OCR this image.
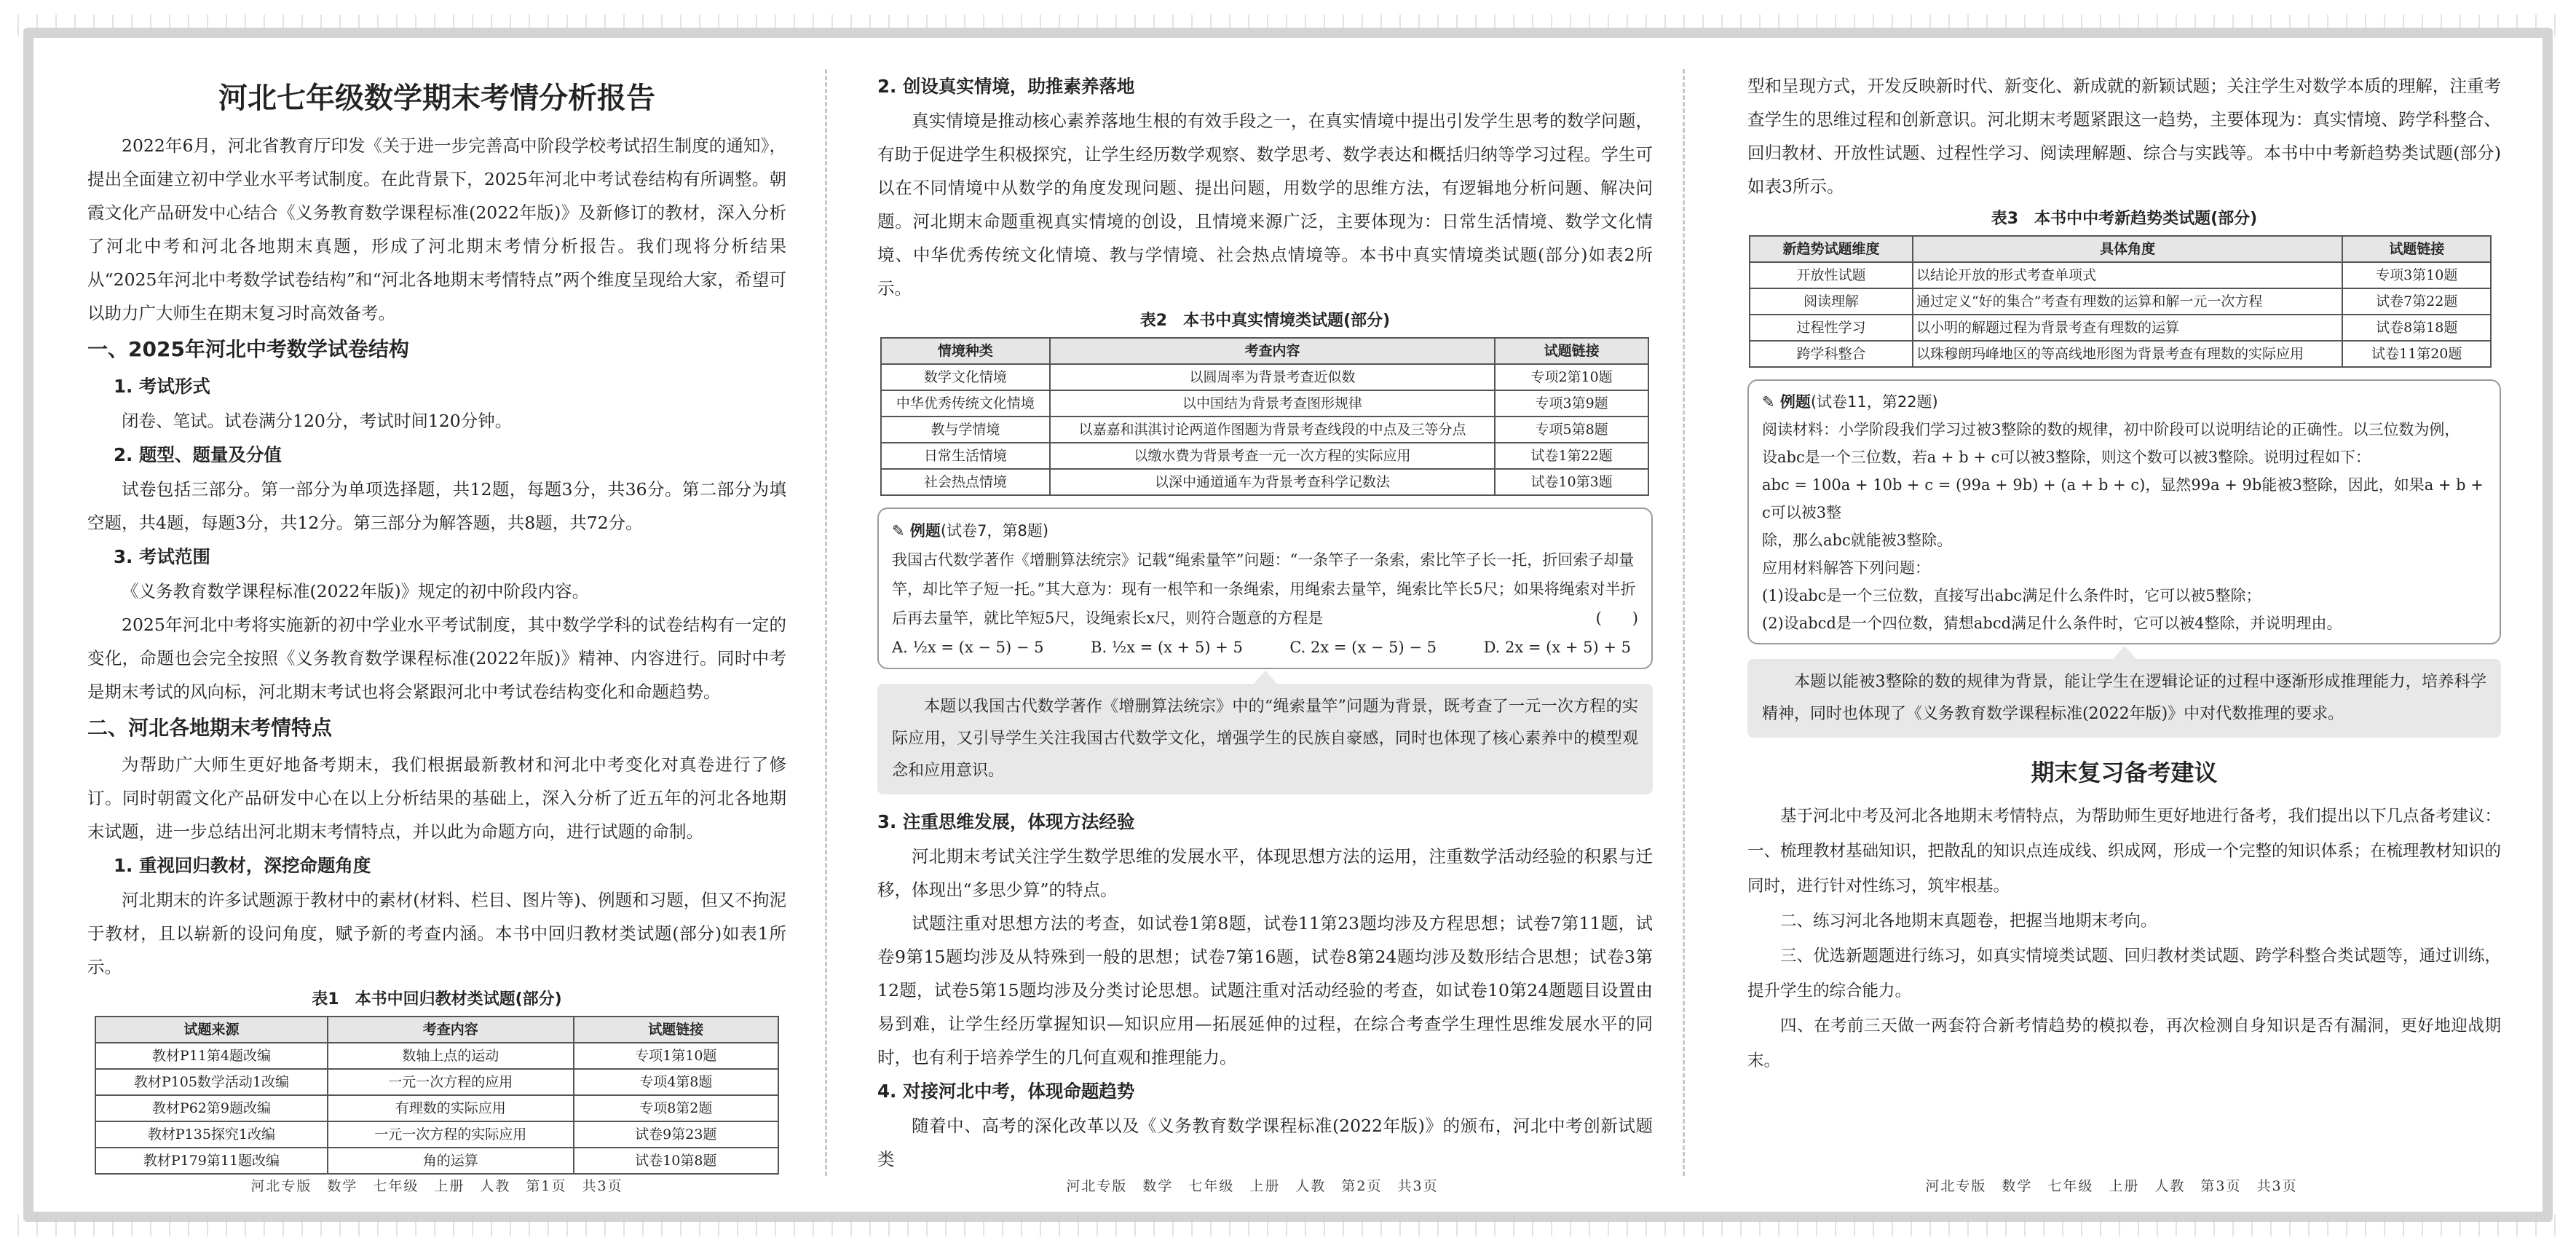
河北七年级数学期末考情分析报告

2022年6月，河北省教育厅印发《关于进一步完善高中阶段学校考试招生制度的通知》，提出全面建立初中学业水平考试制度。在此背景下，2025年河北中考试卷结构有所调整。朝霞文化产品研发中心结合《义务教育数学课程标准(2022年版)》及新修订的教材，深入分析了河北中考和河北各地期末真题，形成了河北期末考情分析报告。我们现将分析结果从“2025年河北中考数学试卷结构”和“河北各地期末考情特点”两个维度呈现给大家，希望可以助力广大师生在期末复习时高效备考。

一、2025年河北中考数学试卷结构
1. 考试形式

闭卷、笔试。试卷满分120分，考试时间120分钟。

2. 题型、题量及分值

试卷包括三部分。第一部分为单项选择题，共12题，每题3分，共36分。第二部分为填空题，共4题，每题3分，共12分。第三部分为解答题，共8题，共72分。

3. 考试范围

《义务教育数学课程标准(2022年版)》规定的初中阶段内容。

2025年河北中考将实施新的初中学业水平考试制度，其中数学学科的试卷结构有一定的变化，命题也会完全按照《义务教育数学课程标准(2022年版)》精神、内容进行。同时中考是期末考试的风向标，河北期末考试也将会紧跟河北中考试卷结构变化和命题趋势。

二、河北各地期末考情特点

为帮助广大师生更好地备考期末，我们根据最新教材和河北中考变化对真卷进行了修订。同时朝霞文化产品研发中心在以上分析结果的基础上，深入分析了近五年的河北各地期末试题，进一步总结出河北期末考情特点，并以此为命题方向，进行试题的命制。

1. 重视回归教材，深挖命题角度

河北期末的许多试题源于教材中的素材(材料、栏目、图片等)、例题和习题，但又不拘泥于教材，且以崭新的设问角度，赋予新的考查内涵。本书中回归教材类试题(部分)如表1所示。

表1　本书中回归教材类试题(部分)
试题来源	考查内容	试题链接
教材P11第4题改编	数轴上点的运动	专项1第10题
教材P105数学活动1改编	一元一次方程的应用	专项4第8题
教材P62第9题改编	有理数的实际应用	专项8第2题
教材P135探究1改编	一元一次方程的实际应用	试卷9第23题
教材P179第11题改编	角的运算	试卷10第8题
河北专版　数学　七年级　上册　人教　第1页　共3页
2. 创设真实情境，助推素养落地

真实情境是推动核心素养落地生根的有效手段之一，在真实情境中提出引发学生思考的数学问题，有助于促进学生积极探究，让学生经历数学观察、数学思考、数学表达和概括归纳等学习过程。学生可以在不同情境中从数学的角度发现问题、提出问题，用数学的思维方法，有逻辑地分析问题、解决问题。河北期末命题重视真实情境的创设，且情境来源广泛，主要体现为：日常生活情境、数学文化情境、中华优秀传统文化情境、教与学情境、社会热点情境等。本书中真实情境类试题(部分)如表2所示。

表2　本书中真实情境类试题(部分)
情境种类	考查内容	试题链接
数学文化情境	以圆周率为背景考查近似数	专项2第10题
中华优秀传统文化情境	以中国结为背景考查图形规律	专项3第9题
教与学情境	以嘉嘉和淇淇讨论两道作图题为背景考查线段的中点及三等分点	专项5第8题
日常生活情境	以缴水费为背景考查一元一次方程的实际应用	试卷1第22题
社会热点情境	以深中通道通车为背景考查科学记数法	试卷10第3题
✎ 例题(试卷7，第8题)
我国古代数学著作《增删算法统宗》记载“绳索量竿”问题：“一条竿子一条索，索比竿子长一托，折回索子却量竿，却比竿子短一托。”其大意为：现有一根竿和一条绳索，用绳索去量竿，绳索比竿长5尺；如果将绳索对半折后再去量竿，就比竿短5尺，设绳索长x尺，则符合题意的方程是	(　　)
A. ½x = (x − 5) − 5	B. ½x = (x + 5) + 5	C. 2x = (x − 5) − 5	D. 2x = (x + 5) + 5

本题以我国古代数学著作《增删算法统宗》中的“绳索量竿”问题为背景，既考查了一元一次方程的实际应用，又引导学生关注我国古代数学文化，增强学生的民族自豪感，同时也体现了核心素养中的模型观念和应用意识。

3. 注重思维发展，体现方法经验

河北期末考试关注学生数学思维的发展水平，体现思想方法的运用，注重数学活动经验的积累与迁移，体现出“多思少算”的特点。

试题注重对思想方法的考查，如试卷1第8题，试卷11第23题均涉及方程思想；试卷7第11题，试卷9第15题均涉及从特殊到一般的思想；试卷7第16题，试卷8第24题均涉及数形结合思想；试卷3第12题，试卷5第15题均涉及分类讨论思想。试题注重对活动经验的考查，如试卷10第24题题目设置由易到难，让学生经历掌握知识—知识应用—拓展延伸的过程，在综合考查学生理性思维发展水平的同时，也有利于培养学生的几何直观和推理能力。

4. 对接河北中考，体现命题趋势

随着中、高考的深化改革以及《义务教育数学课程标准(2022年版)》的颁布，河北中考创新试题类

河北专版　数学　七年级　上册　人教　第2页　共3页

型和呈现方式，开发反映新时代、新变化、新成就的新颖试题；关注学生对数学本质的理解，注重考查学生的思维过程和创新意识。河北期末考题紧跟这一趋势，主要体现为：真实情境、跨学科整合、回归教材、开放性试题、过程性学习、阅读理解题、综合与实践等。本书中中考新趋势类试题(部分)如表3所示。

表3　本书中中考新趋势类试题(部分)
新趋势试题维度	具体角度	试题链接
开放性试题	以结论开放的形式考查单项式	专项3第10题
阅读理解	通过定义“好的集合”考查有理数的运算和解一元一次方程	试卷7第22题
过程性学习	以小明的解题过程为背景考查有理数的运算	试卷8第18题
跨学科整合	以珠穆朗玛峰地区的等高线地形图为背景考查有理数的实际应用	试卷11第20题
✎ 例题(试卷11，第22题)
阅读材料：小学阶段我们学习过被3整除的数的规律，初中阶段可以说明结论的正确性。以三位数为例，
设abc是一个三位数，若a + b + c可以被3整除，则这个数可以被3整除。说明过程如下：
abc = 100a + 10b + c = (99a + 9b) + (a + b + c)，显然99a + 9b能被3整除，因此，如果a + b + c可以被3整
除，那么abc就能被3整除。
应用材料解答下列问题：
(1)设abc是一个三位数，直接写出abc满足什么条件时，它可以被5整除；
(2)设abcd是一个四位数，猜想abcd满足什么条件时，它可以被4整除，并说明理由。

本题以能被3整除的数的规律为背景，能让学生在逻辑论证的过程中逐渐形成推理能力，培养科学精神，同时也体现了《义务教育数学课程标准(2022年版)》中对代数推理的要求。

期末复习备考建议

基于河北中考及河北各地期末考情特点，为帮助师生更好地进行备考，我们提出以下几点备考建议：

一、梳理教材基础知识，把散乱的知识点连成线、织成网，形成一个完整的知识体系；在梳理教材知识的同时，进行针对性练习，筑牢根基。

二、练习河北各地期末真题卷，把握当地期末考向。

三、优选新题题进行练习，如真实情境类试题、回归教材类试题、跨学科整合类试题等，通过训练，提升学生的综合能力。

四、在考前三天做一两套符合新考情趋势的模拟卷，再次检测自身知识是否有漏洞，更好地迎战期末。

河北专版　数学　七年级　上册　人教　第3页　共3页
